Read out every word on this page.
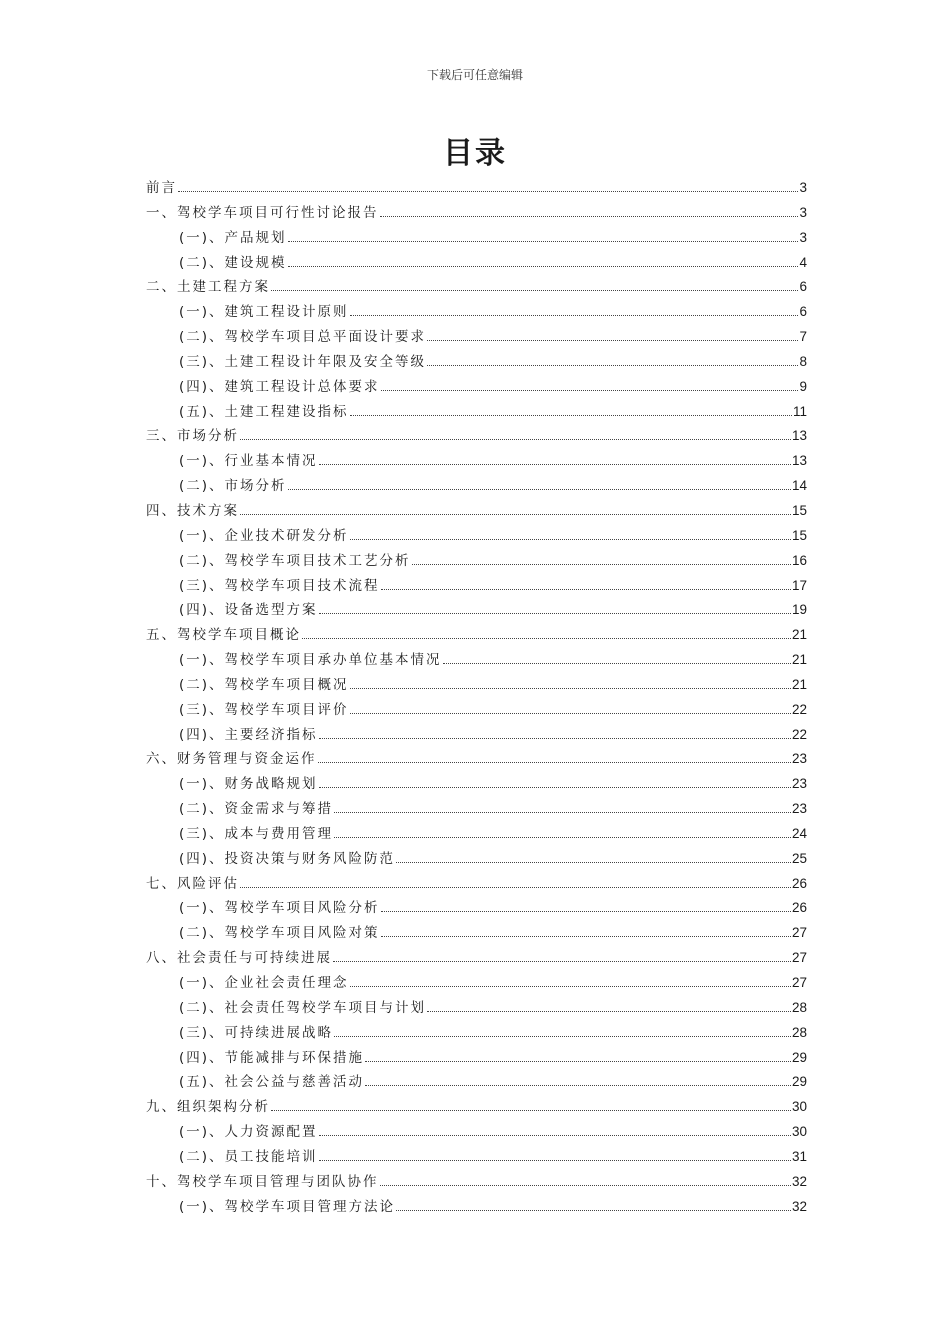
下载后可任意编辑
目录
前言	3
一、驾校学车项目可行性讨论报告	3
(一)、产品规划	3
(二)、建设规模	4
二、土建工程方案	6
(一)、建筑工程设计原则	6
(二)、驾校学车项目总平面设计要求	7
(三)、土建工程设计年限及安全等级	8
(四)、建筑工程设计总体要求	9
(五)、土建工程建设指标	11
三、市场分析	13
(一)、行业基本情况	13
(二)、市场分析	14
四、技术方案	15
(一)、企业技术研发分析	15
(二)、驾校学车项目技术工艺分析	16
(三)、驾校学车项目技术流程	17
(四)、设备选型方案	19
五、驾校学车项目概论	21
(一)、驾校学车项目承办单位基本情况	21
(二)、驾校学车项目概况	21
(三)、驾校学车项目评价	22
(四)、主要经济指标	22
六、财务管理与资金运作	23
(一)、财务战略规划	23
(二)、资金需求与筹措	23
(三)、成本与费用管理	24
(四)、投资决策与财务风险防范	25
七、风险评估	26
(一)、驾校学车项目风险分析	26
(二)、驾校学车项目风险对策	27
八、社会责任与可持续进展	27
(一)、企业社会责任理念	27
(二)、社会责任驾校学车项目与计划	28
(三)、可持续进展战略	28
(四)、节能减排与环保措施	29
(五)、社会公益与慈善活动	29
九、组织架构分析	30
(一)、人力资源配置	30
(二)、员工技能培训	31
十、驾校学车项目管理与团队协作	32
(一)、驾校学车项目管理方法论	32
